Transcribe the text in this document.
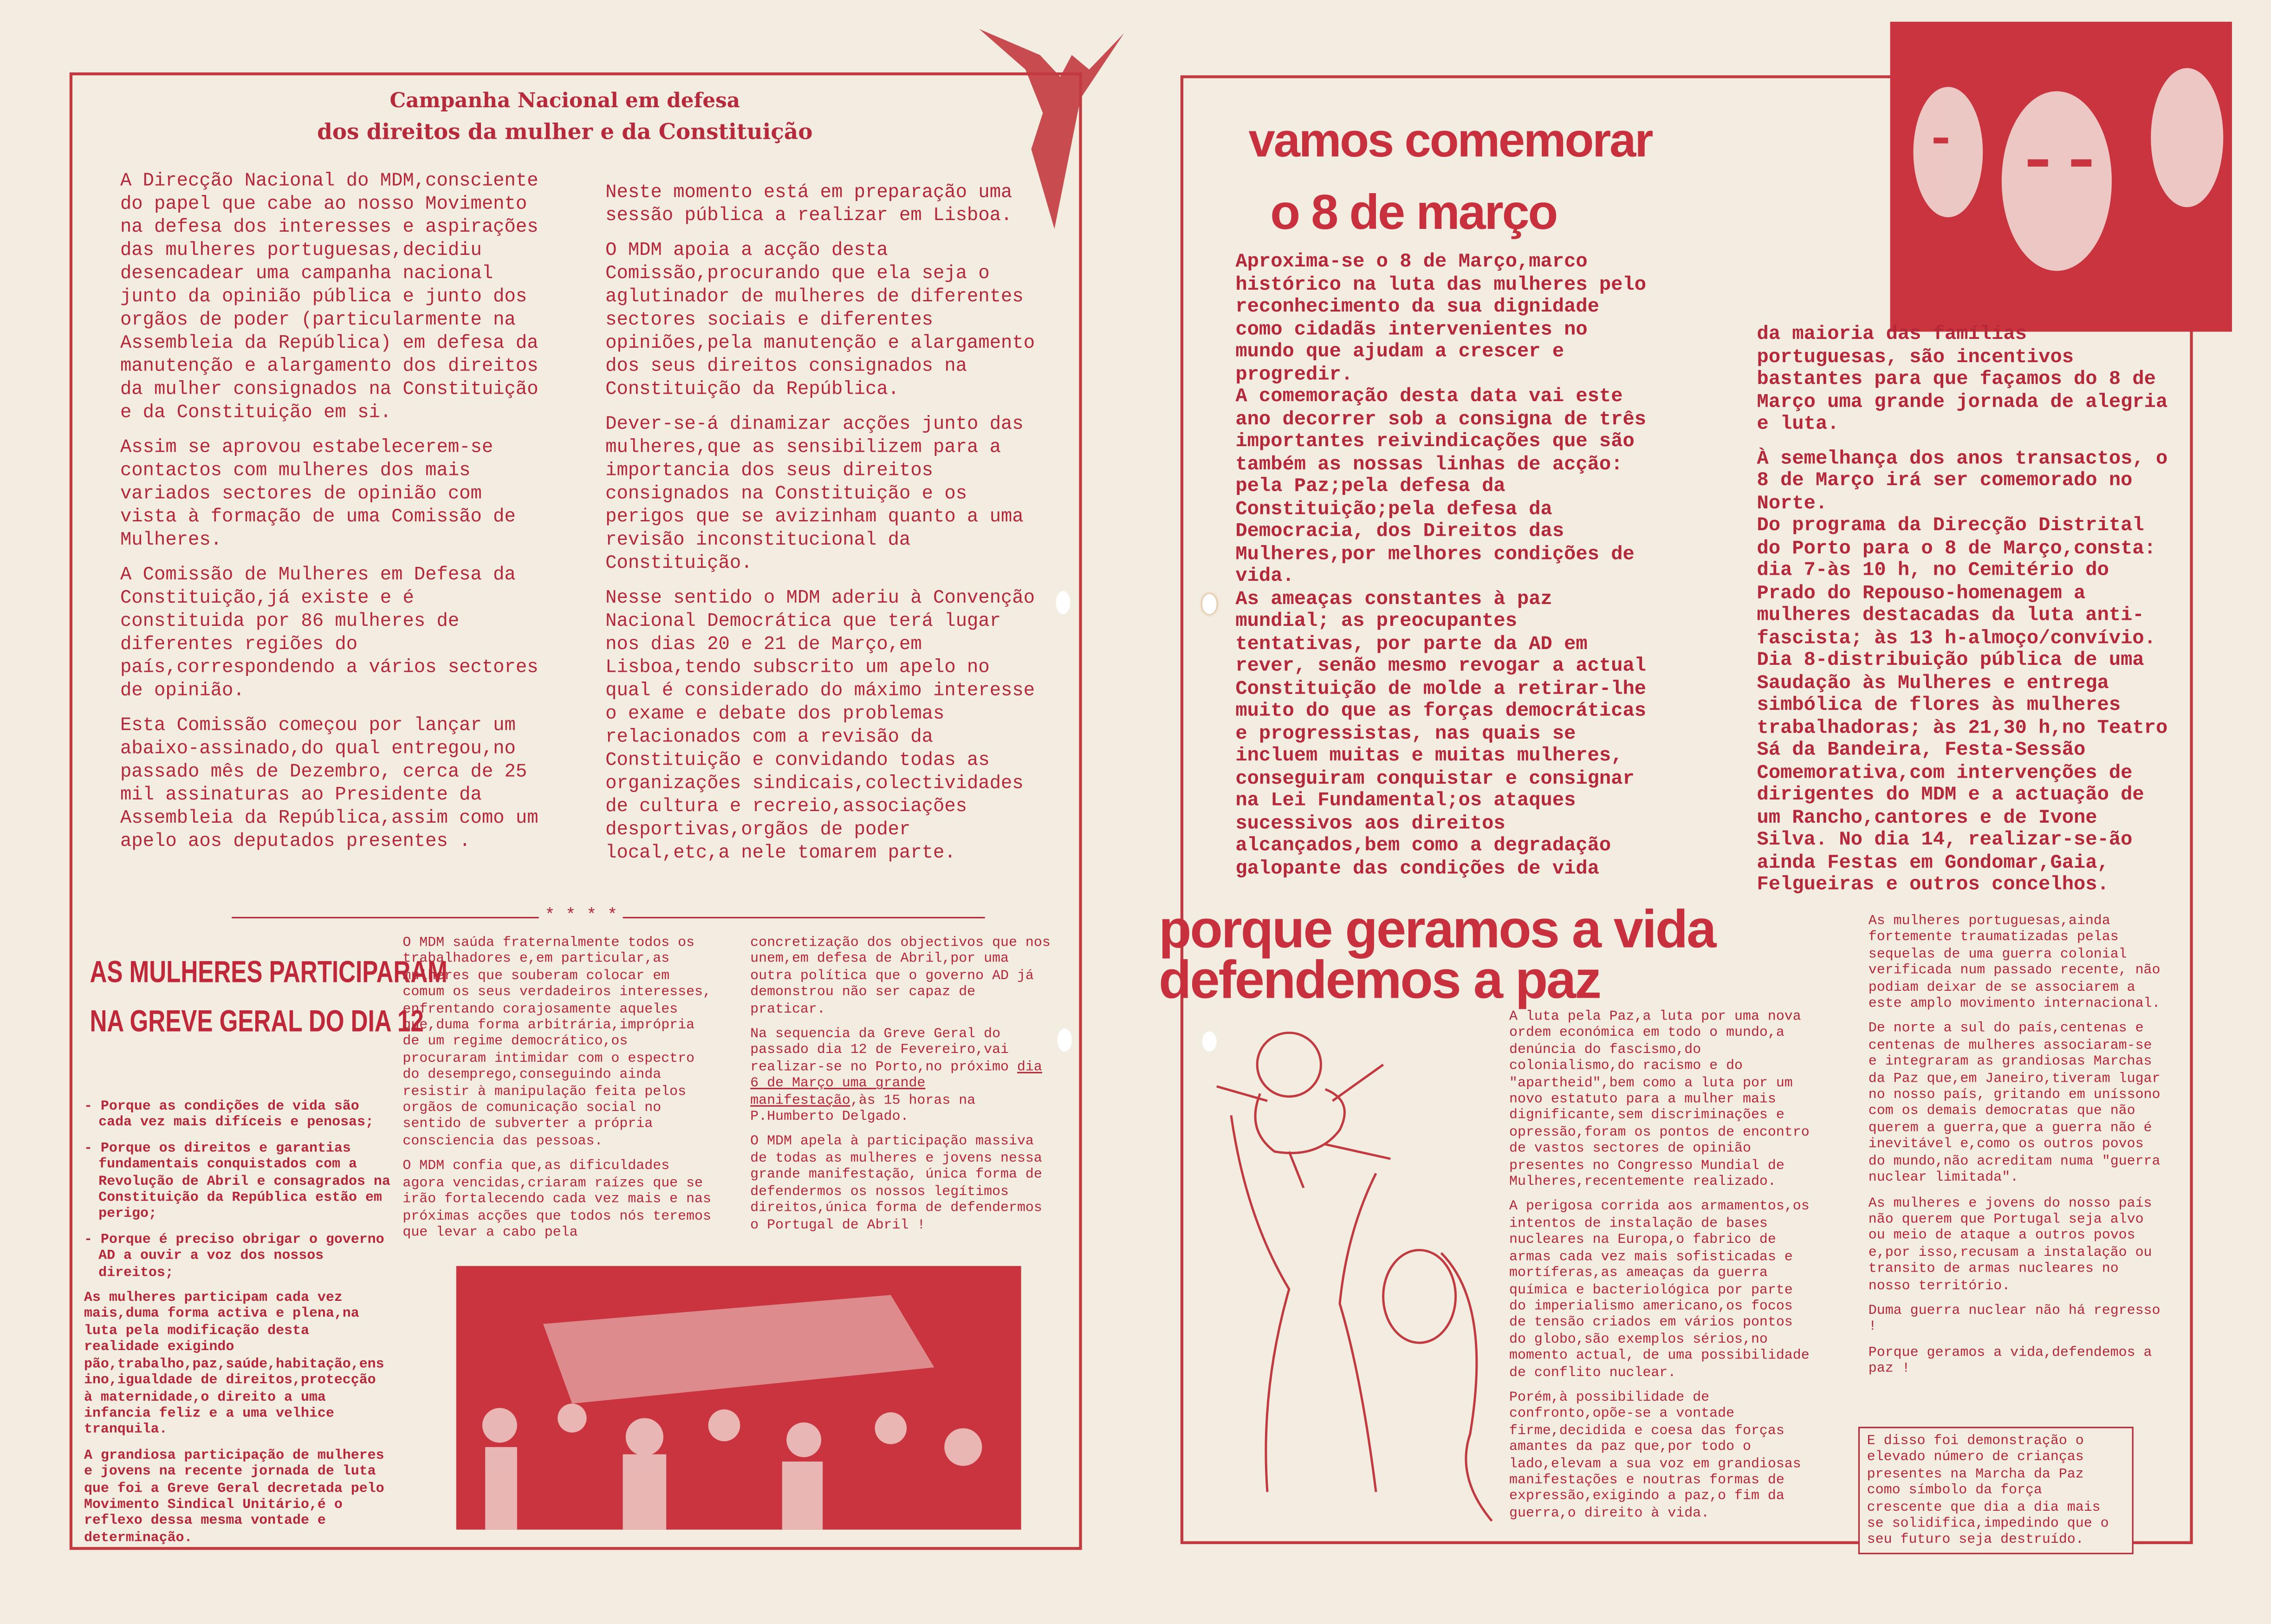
Campanha Nacional em defesa
dos direitos da mulher e da Constituição

A Direcção Nacional do MDM,consciente do papel que cabe ao nosso Movimento na defesa dos interesses e aspirações das mulheres portuguesas,decidiu desencadear uma campanha nacional junto da opinião pública e junto dos orgãos de poder (particularmente na Assembleia da República) em defesa da manutenção e alargamento dos direitos da mulher consignados na Constituição e da Constituição em si.

Assim se aprovou estabelecerem-se contactos com mulheres dos mais variados sectores de opinião com vista à formação de uma Comissão de Mulheres.

A Comissão de Mulheres em Defesa da Constituição,já existe e é constituida por 86 mulheres de diferentes regiões do país,correspondendo a vários sectores de opinião.

Esta Comissão começou por lançar um abaixo-assinado,do qual entregou,no passado mês de Dezembro, cerca de 25 mil assinaturas ao Presidente da Assembleia da República,assim como um apelo aos deputados presentes .

Neste momento está em preparação uma sessão pública a realizar em Lisboa.

O MDM apoia a acção desta Comissão,procurando que ela seja o aglutinador de mulheres de diferentes sectores sociais e diferentes opiniões,pela manutenção e alargamento dos seus direitos consignados na Constituição da República.

Dever-se-á dinamizar acções junto das mulheres,que as sensibilizem para a importancia dos seus direitos consignados na Constituição e os perigos que se avizinham quanto a uma revisão inconstitucional da Constituição.

Nesse sentido o MDM aderiu à Convenção Nacional Democrática que terá lugar nos dias 20 e 21 de Março,em Lisboa,tendo subscrito um apelo no qual é considerado do máximo interesse o exame e debate dos problemas relacionados com a revisão da Constituição e convidando todas as organizações sindicais,colectividades de cultura e recreio,associações desportivas,orgãos de poder local,etc,a nele tomarem parte.

* * * *
AS MULHERES PARTICIPARAM
NA GREVE GERAL DO DIA 12
- Porque as condições de vida são cada vez mais difíceis e penosas;
- Porque os direitos e garantias fundamentais conquistados com a Revolução de Abril e consagrados na Constituição da República estão em perigo;
- Porque é preciso obrigar o governo AD a ouvir a voz dos nossos direitos;

As mulheres participam cada vez mais,duma forma activa e plena,na luta pela modificação desta realidade exigindo pão,trabalho,paz,saúde,habitação,ensino,igualdade de direitos,protecção à maternidade,o direito a uma infancia feliz e a uma velhice tranquila.

A grandiosa participação de mulheres e jovens na recente jornada de luta que foi a Greve Geral decretada pelo Movimento Sindical Unitário,é o reflexo dessa mesma vontade e determinação.

O MDM saúda fraternalmente todos os trabalhadores e,em particular,as mulheres que souberam colocar em comum os seus verdadeiros interesses, enfrentando corajosamente aqueles que,duma forma arbitrária,imprópria de um regime democrático,os procuraram intimidar com o espectro do desemprego,conseguindo ainda resistir à manipulação feita pelos orgãos de comunicação social no sentido de subverter a própria consciencia das pessoas.

O MDM confia que,as dificuldades agora vencidas,criaram raízes que se irão fortalecendo cada vez mais e nas próximas acções que todos nós teremos que levar a cabo pela

concretização dos objectivos que nos unem,em defesa de Abril,por uma outra política que o governo AD já demonstrou não ser capaz de praticar.

Na sequencia da Greve Geral do passado dia 12 de Fevereiro,vai realizar-se no Porto,no próximo dia 6 de Março uma grande manifestação,às 15 horas na P.Humberto Delgado.

O MDM apela à participação massiva de todas as mulheres e jovens nessa grande manifestação, única forma de defendermos os nossos legítimos direitos,única forma de defendermos o Portugal de Abril !

vamos comemorar
o 8 de março

Aproxima-se o 8 de Março,marco histórico na luta das mulheres pelo reconhecimento da sua dignidade como cidadãs intervenientes no mundo que ajudam a crescer e progredir.

A comemoração desta data vai este ano decorrer sob a consigna de três importantes reivindicações que são também as nossas linhas de acção: pela Paz;pela defesa da Constituição;pela defesa da Democracia, dos Direitos das Mulheres,por melhores condições de vida.

As ameaças constantes à paz mundial; as preocupantes tentativas, por parte da AD em rever, senão mesmo revogar a actual Constituição de molde a retirar-lhe muito do que as forças democráticas e progressistas, nas quais se incluem muitas e muitas mulheres, conseguiram conquistar e consignar na Lei Fundamental;os ataques sucessivos aos direitos alcançados,bem como a degradação galopante das condições de vida

da maioria das famílias portuguesas, são incentivos bastantes para que façamos do 8 de Março uma grande jornada de alegria e luta.

À semelhança dos anos transactos, o 8 de Março irá ser comemorado no Norte.

Do programa da Direcção Distrital do Porto para o 8 de Março,consta: dia 7-às 10 h, no Cemitério do Prado do Repouso-homenagem a mulheres destacadas da luta anti-fascista; às 13 h-almoço/convívio. Dia 8-distribuição pública de uma Saudação às Mulheres e entrega simbólica de flores às mulheres trabalhadoras; às 21,30 h,no Teatro Sá da Bandeira, Festa-Sessão Comemorativa,com intervenções de dirigentes do MDM e a actuação de um Rancho,cantores e de Ivone Silva. No dia 14, realizar-se-ão ainda Festas em Gondomar,Gaia, Felgueiras e outros concelhos.

porque geramos a vida
defendemos a paz

A luta pela Paz,a luta por uma nova ordem económica em todo o mundo,a denúncia do fascismo,do colonialismo,do racismo e do "apartheid",bem como a luta por um novo estatuto para a mulher mais dignificante,sem discriminações e opressão,foram os pontos de encontro de vastos sectores de opinião presentes no Congresso Mundial de Mulheres,recentemente realizado.

A perigosa corrida aos armamentos,os intentos de instalação de bases nucleares na Europa,o fabrico de armas cada vez mais sofisticadas e mortíferas,as ameaças da guerra química e bacteriológica por parte do imperialismo americano,os focos de tensão criados em vários pontos do globo,são exemplos sérios,no momento actual, de uma possibilidade de conflito nuclear.

Porém,à possibilidade de confronto,opõe-se a vontade firme,decidida e coesa das forças amantes da paz que,por todo o lado,elevam a sua voz em grandiosas manifestações e noutras formas de expressão,exigindo a paz,o fim da guerra,o direito à vida.

As mulheres portuguesas,ainda fortemente traumatizadas pelas sequelas de uma guerra colonial verificada num passado recente, não podiam deixar de se associarem a este amplo movimento internacional.

De norte a sul do país,centenas e centenas de mulheres associaram-se e integraram as grandiosas Marchas da Paz que,em Janeiro,tiveram lugar no nosso país, gritando em uníssono com os demais democratas que não querem a guerra,que a guerra não é inevitável e,como os outros povos do mundo,não acreditam numa "guerra nuclear limitada".

As mulheres e jovens do nosso país não querem que Portugal seja alvo ou meio de ataque a outros povos e,por isso,recusam a instalação ou transito de armas nucleares no nosso território.

Duma guerra nuclear não há regresso !

Porque geramos a vida,defendemos a paz !

E disso foi demonstração o elevado número de crianças presentes na Marcha da Paz como símbolo da força crescente que dia a dia mais se solidifica,impedindo que o seu futuro seja destruído.
